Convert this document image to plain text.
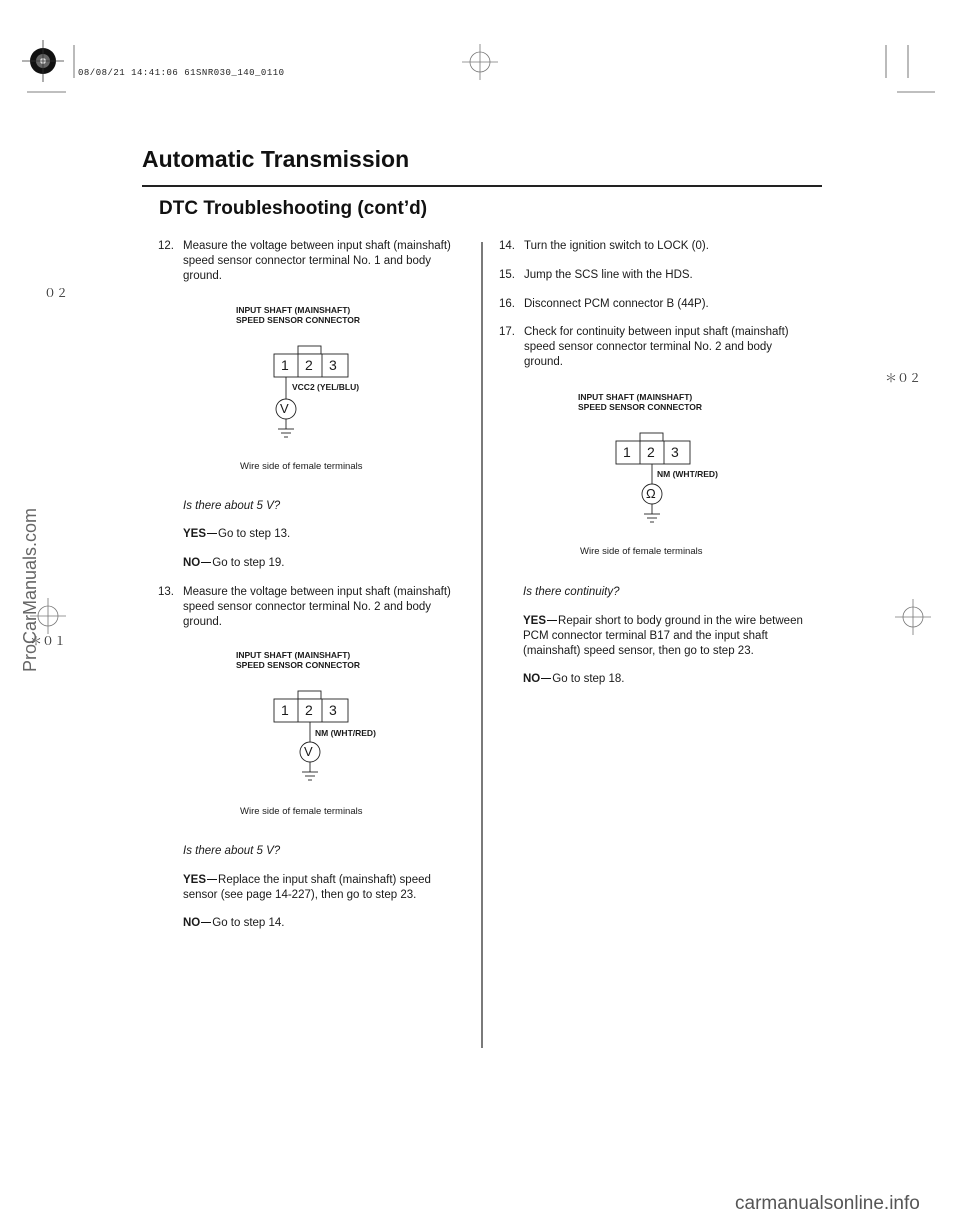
08/08/21 14:41:06 61SNR030_140_0110
Automatic Transmission
DTC Troubleshooting (cont’d)
０２
＊０２
＊０１
ProCarManuals.com
carmanualsonline.info
12. Measure the voltage between input shaft (mainshaft) speed sensor connector terminal No. 1 and body ground.
INPUT SHAFT (MAINSHAFT)
SPEED SENSOR CONNECTOR
1 2 3
VCC2 (YEL/BLU)
V
Wire side of female terminals
Is there about 5 V?
YES Go to step 13.
NO Go to step 19.
13. Measure the voltage between input shaft (mainshaft) speed sensor connector terminal No. 2 and body ground.
INPUT SHAFT (MAINSHAFT)
SPEED SENSOR CONNECTOR
1 2 3
NM (WHT/RED)
V
Wire side of female terminals
Is there about 5 V?
YES Replace the input shaft (mainshaft) speed sensor (see page 14-227), then go to step 23.
NO Go to step 14.
14. Turn the ignition switch to LOCK (0).
15. Jump the SCS line with the HDS.
16. Disconnect PCM connector B (44P).
17. Check for continuity between input shaft (mainshaft) speed sensor connector terminal No. 2 and body ground.
INPUT SHAFT (MAINSHAFT)
SPEED SENSOR CONNECTOR
1 2 3
NM (WHT/RED)
Ω
Wire side of female terminals
Is there continuity?
YES Repair short to body ground in the wire between PCM connector terminal B17 and the input shaft (mainshaft) speed sensor, then go to step 23.
NO Go to step 18.
